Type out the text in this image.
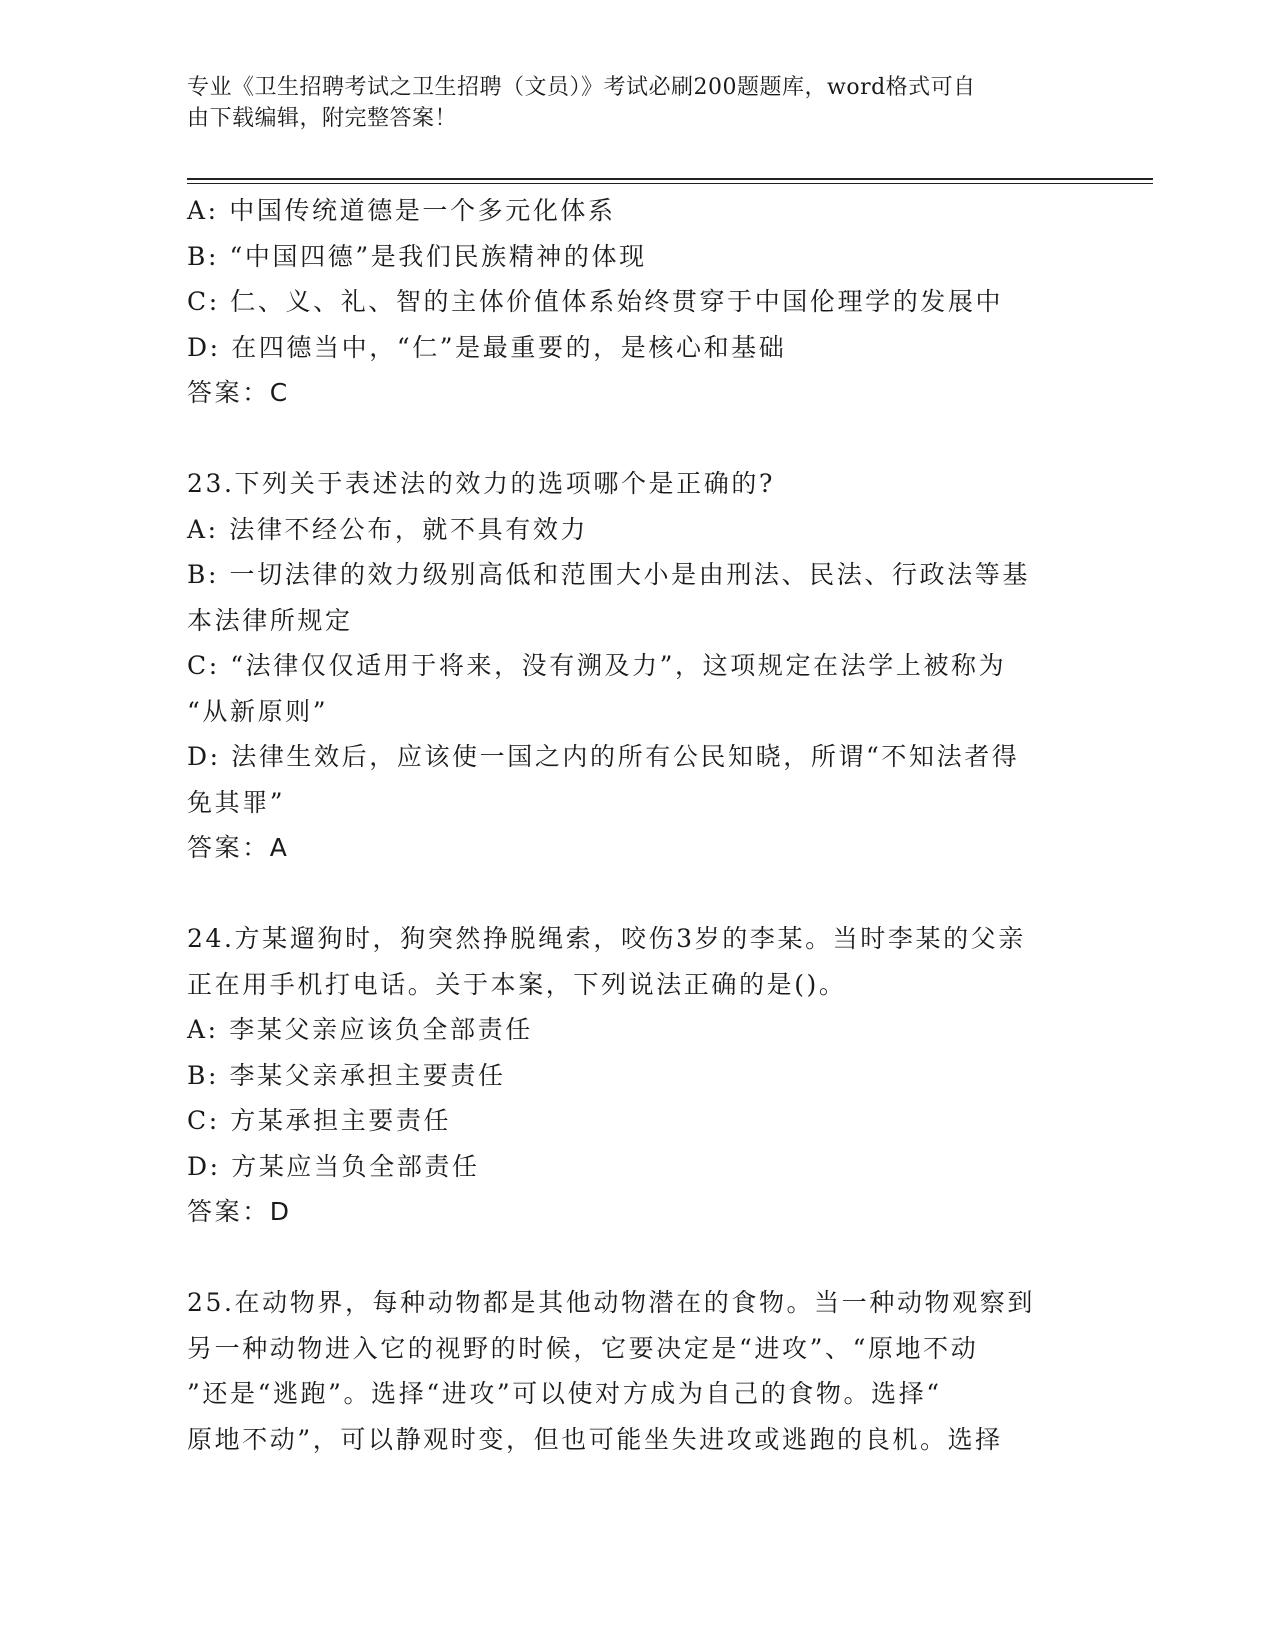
专业《卫生招聘考试之卫生招聘（文员）》考试必刷200题题库，word格式可自
由下载编辑，附完整答案！
A: 中国传统道德是一个多元化体系
B: “中国四德”是我们民族精神的体现
C: 仁、义、礼、智的主体价值体系始终贯穿于中国伦理学的发展中
D: 在四德当中，“仁”是最重要的，是核心和基础
答案：C
23.下列关于表述法的效力的选项哪个是正确的?
A: 法律不经公布，就不具有效力
B: 一切法律的效力级别高低和范围大小是由刑法、民法、行政法等基
本法律所规定
C: “法律仅仅适用于将来，没有溯及力”，这项规定在法学上被称为
“从新原则”
D: 法律生效后，应该使一国之内的所有公民知晓，所谓“不知法者得
免其罪”
答案：A
24.方某遛狗时，狗突然挣脱绳索，咬伤3岁的李某。当时李某的父亲
正在用手机打电话。关于本案，下列说法正确的是()。
A: 李某父亲应该负全部责任
B: 李某父亲承担主要责任
C: 方某承担主要责任
D: 方某应当负全部责任
答案：D
25.在动物界，每种动物都是其他动物潜在的食物。当一种动物观察到
另一种动物进入它的视野的时候，它要决定是“进攻”、“原地不动
”还是“逃跑”。选择“进攻”可以使对方成为自己的食物。选择“
原地不动”，可以静观时变，但也可能坐失进攻或逃跑的良机。选择
